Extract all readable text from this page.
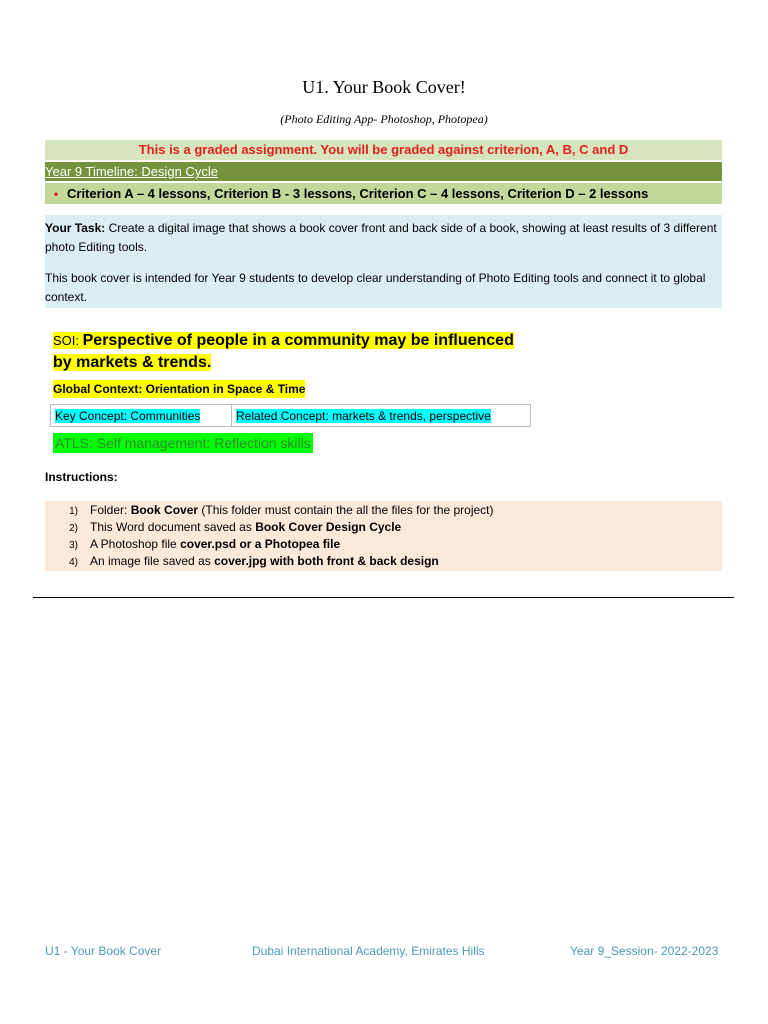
U1. Your Book Cover!
(Photo Editing App- Photoshop, Photopea)
This is a graded assignment. You will be graded against criterion, A, B, C and D
Year 9 Timeline: Design Cycle
• Criterion A – 4 lessons, Criterion B - 3 lessons, Criterion C – 4 lessons, Criterion D – 2 lessons

Your Task: Create a digital image that shows a book cover front and back side of a book, showing at least results of 3 different photo Editing tools.

This book cover is intended for Year 9 students to develop clear understanding of Photo Editing tools and connect it to global context.

SOI: Perspective of people in a community may be influenced
by markets & trends.
Global Context: Orientation in Space & Time
Key Concept: Communities	Related Concept: markets & trends, perspective
ATLS: Self management: Reflection skills
Instructions:
1)	Folder: Book Cover (This folder must contain the all the files for the project)
2)	This Word document saved as Book Cover Design Cycle
3)	A Photoshop file cover.psd or a Photopea file
4)	An image file saved as cover.jpg with both front & back design
U1 - Your Book Cover	Dubai International Academy, Emirates Hills	Year 9_Session- 2022-2023
